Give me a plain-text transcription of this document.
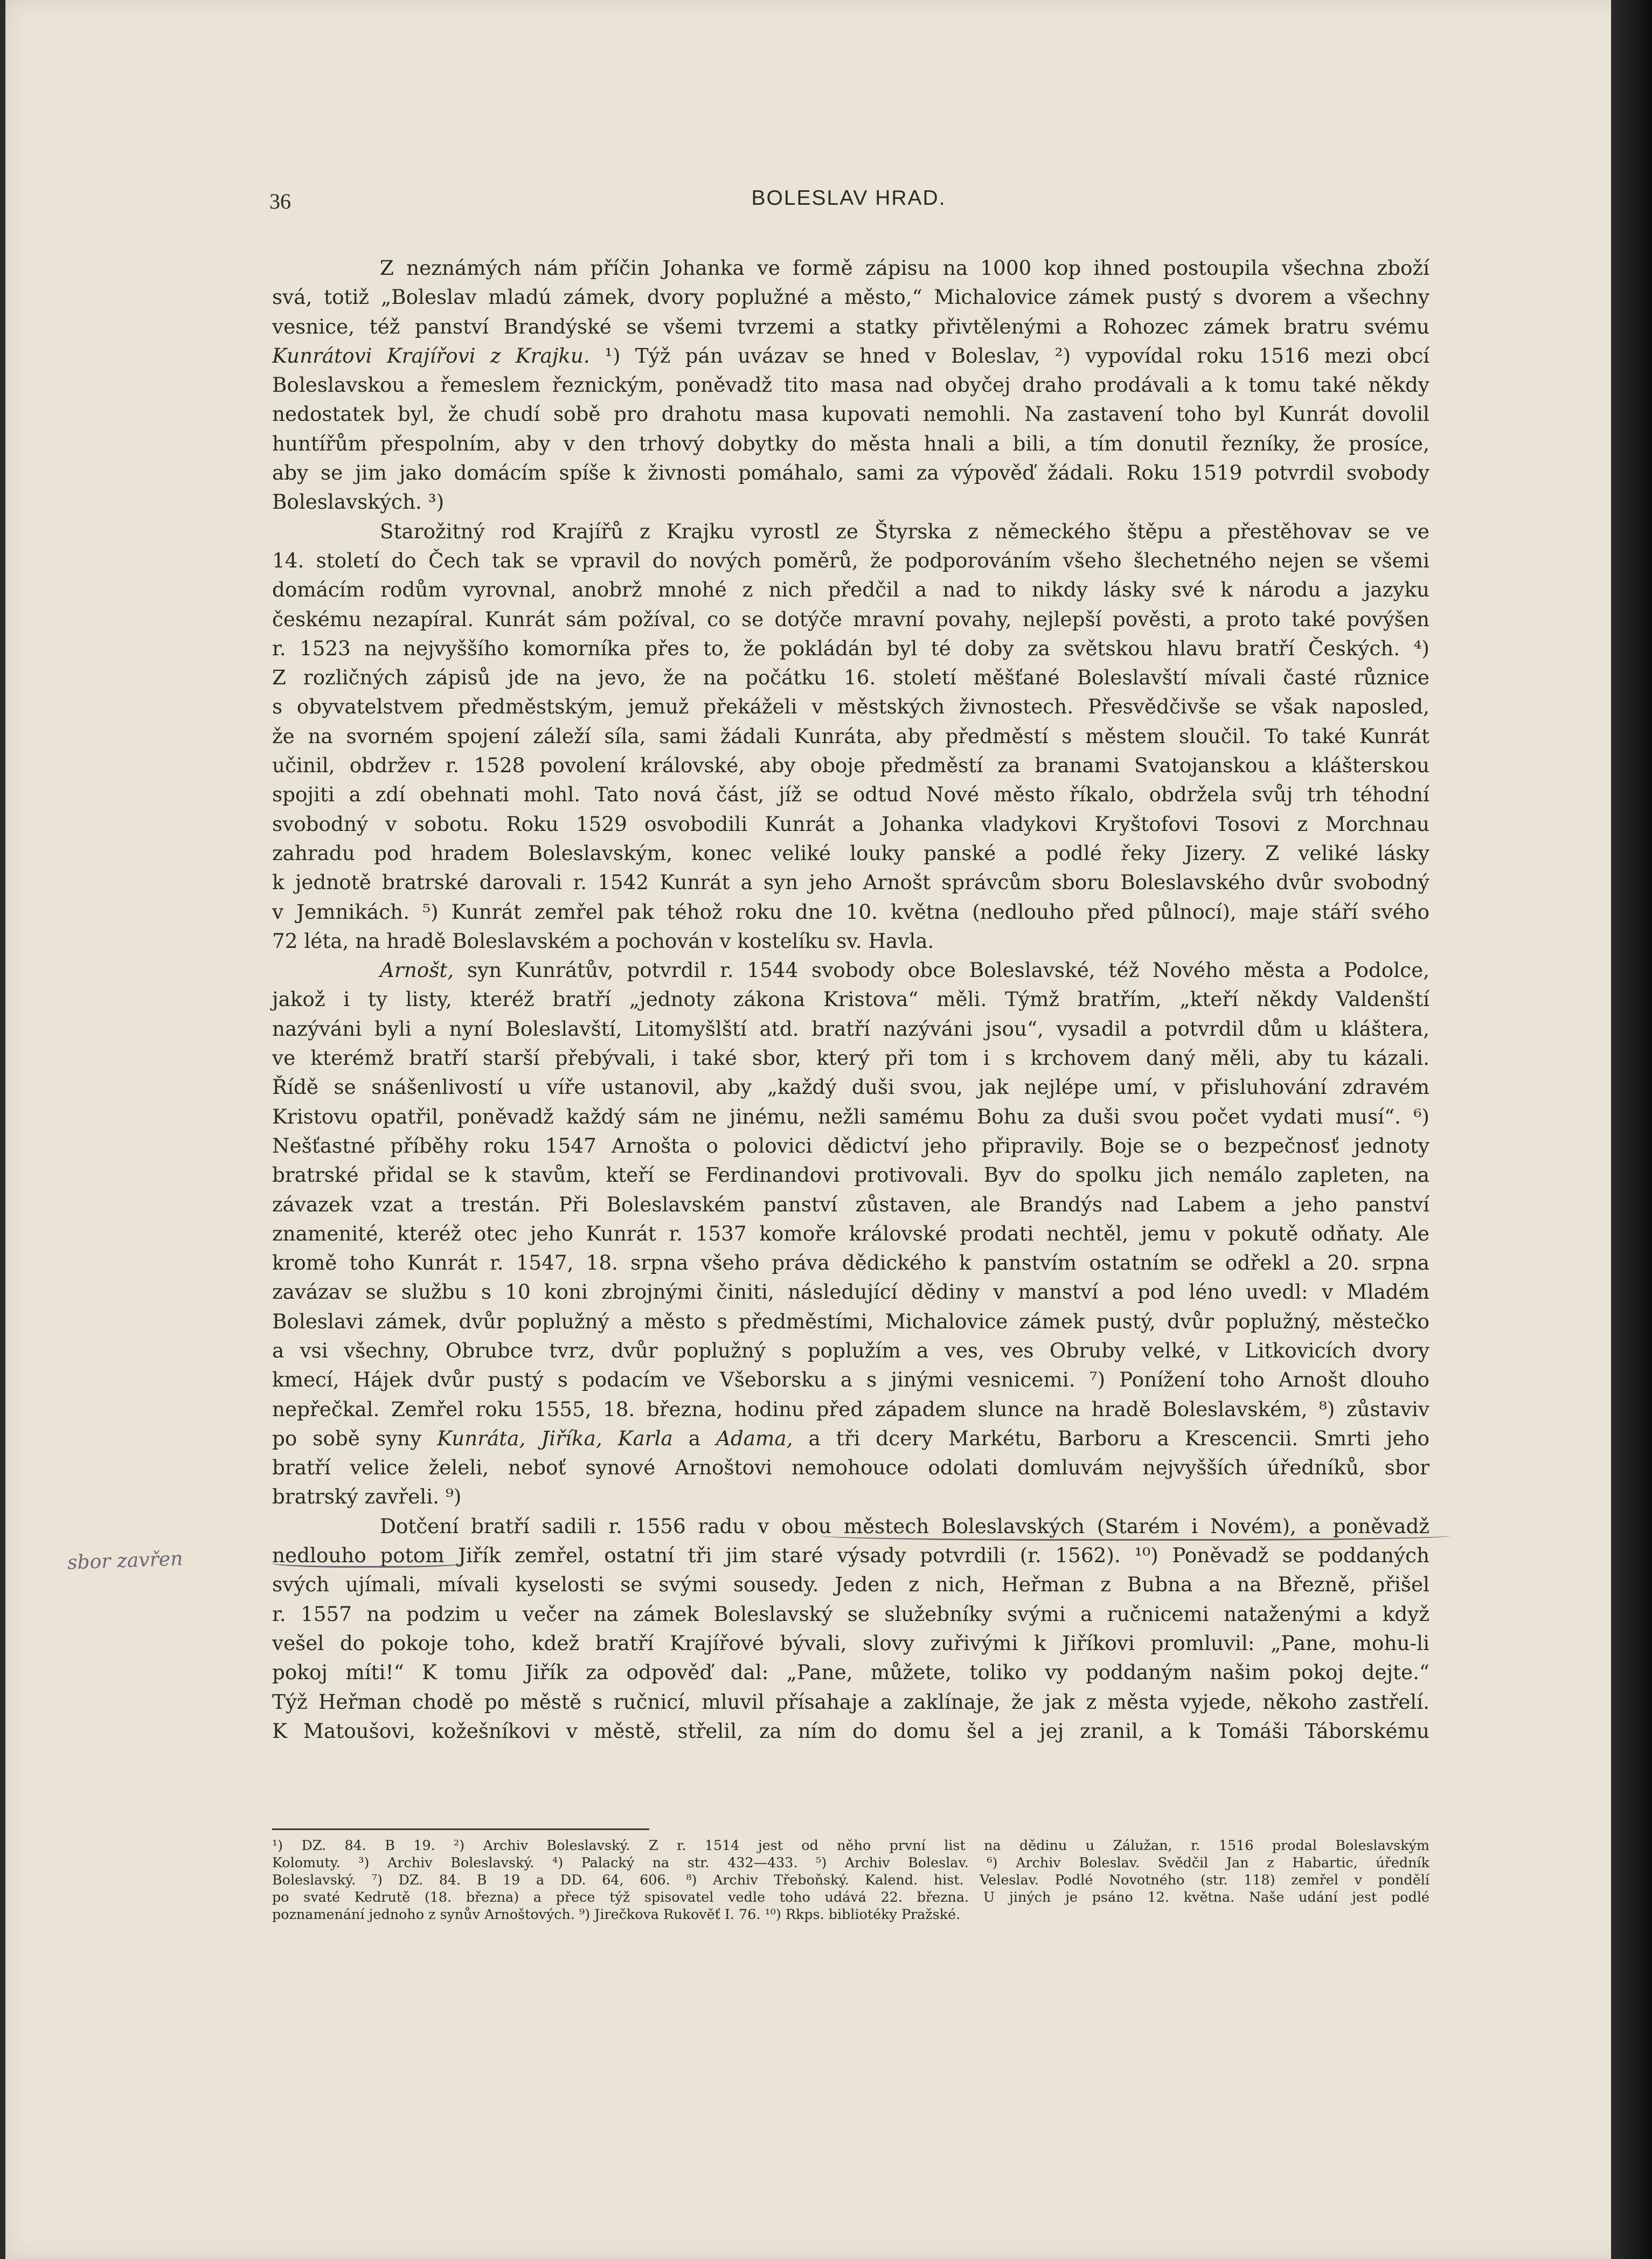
36	BOLESLAV HRAD.

Z neznámých nám příčin Johanka ve formě zápisu na 1000 kop ihned postoupila všechna zboží
svá, totiž „Boleslav mladú zámek, dvory poplužné a město,“ Michalovice zámek pustý s dvorem a všechny
vesnice, též panství Brandýské se všemi tvrzemi a statky přivtělenými a Rohozec zámek bratru svému
Kunrátovi Krajířovi z Krajku. ¹) Týž pán uvázav se hned v Boleslav, ²) vypovídal roku 1516 mezi obcí
Boleslavskou a řemeslem řeznickým, poněvadž tito masa nad obyčej draho prodávali a k tomu také někdy
nedostatek byl, že chudí sobě pro drahotu masa kupovati nemohli. Na zastavení toho byl Kunrát dovolil
huntířům přespolním, aby v den trhový dobytky do města hnali a bili, a tím donutil řezníky, že prosíce,
aby se jim jako domácím spíše k živnosti pomáhalo, sami za výpověď žádali. Roku 1519 potvrdil svobody
Boleslavských. ³)

Starožitný rod Krajířů z Krajku vyrostl ze Štyrska z německého štěpu a přestěhovav se ve
14. století do Čech tak se vpravil do nových poměrů, že podporováním všeho šlechetného nejen se všemi
domácím rodům vyrovnal, anobrž mnohé z nich předčil a nad to nikdy lásky své k národu a jazyku
českému nezapíral. Kunrát sám požíval, co se dotýče mravní povahy, nejlepší pověsti, a proto také povýšen
r. 1523 na nejvyššího komorníka přes to, že pokládán byl té doby za světskou hlavu bratří Českých. ⁴)
Z rozličných zápisů jde na jevo, že na počátku 16. století měšťané Boleslavští mívali časté různice
s obyvatelstvem předměstským, jemuž překáželi v městských živnostech. Přesvědčivše se však naposled,
že na svorném spojení záleží síla, sami žádali Kunráta, aby předměstí s městem sloučil. To také Kunrát
učinil, obdržev r. 1528 povolení královské, aby oboje předměstí za branami Svatojanskou a klášterskou
spojiti a zdí obehnati mohl. Tato nová část, jíž se odtud Nové město říkalo, obdržela svůj trh téhodní
svobodný v sobotu. Roku 1529 osvobodili Kunrát a Johanka vladykovi Kryštofovi Tosovi z Morchnau
zahradu pod hradem Boleslavským, konec veliké louky panské a podlé řeky Jizery. Z veliké lásky
k jednotě bratrské darovali r. 1542 Kunrát a syn jeho Arnošt správcům sboru Boleslavského dvůr svobodný
v Jemnikách. ⁵) Kunrát zemřel pak téhož roku dne 10. května (nedlouho před půlnocí), maje stáří svého
72 léta, na hradě Boleslavském a pochován v kostelíku sv. Havla.

Arnošt, syn Kunrátův, potvrdil r. 1544 svobody obce Boleslavské, též Nového města a Podolce,
jakož i ty listy, kteréž bratří „jednoty zákona Kristova“ měli. Týmž bratřím, „kteří někdy Valdenští
nazýváni byli a nyní Boleslavští, Litomyšlští atd. bratří nazýváni jsou“, vysadil a potvrdil dům u kláštera,
ve kterémž bratří starší přebývali, i také sbor, který při tom i s krchovem daný měli, aby tu kázali.
Řídě se snášenlivostí u víře ustanovil, aby „každý duši svou, jak nejlépe umí, v přisluhování zdravém
Kristovu opatřil, poněvadž každý sám ne jinému, nežli samému Bohu za duši svou počet vydati musí“. ⁶)
Nešťastné příběhy roku 1547 Arnošta o polovici dědictví jeho připravily. Boje se o bezpečnosť jednoty
bratrské přidal se k stavům, kteří se Ferdinandovi protivovali. Byv do spolku jich nemálo zapleten, na
závazek vzat a trestán. Při Boleslavském panství zůstaven, ale Brandýs nad Labem a jeho panství
znamenité, kteréž otec jeho Kunrát r. 1537 komoře královské prodati nechtěl, jemu v pokutě odňaty. Ale
kromě toho Kunrát r. 1547, 18. srpna všeho práva dědického k panstvím ostatním se odřekl a 20. srpna
zavázav se službu s 10 koni zbrojnými činiti, následující dědiny v manství a pod léno uvedl: v Mladém
Boleslavi zámek, dvůr poplužný a město s předměstími, Michalovice zámek pustý, dvůr poplužný, městečko
a vsi všechny, Obrubce tvrz, dvůr poplužný s poplužím a ves, ves Obruby velké, v Litkovicích dvory
kmecí, Hájek dvůr pustý s podacím ve Všeborsku a s jinými vesnicemi. ⁷) Ponížení toho Arnošt dlouho
nepřečkal. Zemřel roku 1555, 18. března, hodinu před západem slunce na hradě Boleslavském, ⁸) zůstaviv
po sobě syny Kunráta, Jiříka, Karla a Adama, a tři dcery Markétu, Barboru a Krescencii. Smrti jeho
bratří velice želeli, neboť synové Arnoštovi nemohouce odolati domluvám nejvyšších úředníků, sbor
bratrský zavřeli. ⁹)

Dotčení bratří sadili r. 1556 radu v obou městech Boleslavských (Starém i Novém), a poněvadž
nedlouho potom Jiřík zemřel, ostatní tři jim staré výsady potvrdili (r. 1562). ¹⁰) Poněvadž se poddaných
svých ujímali, mívali kyselosti se svými sousedy. Jeden z nich, Heřman z Bubna a na Březně, přišel
r. 1557 na podzim u večer na zámek Boleslavský se služebníky svými a ručnicemi nataženými a když
vešel do pokoje toho, kdež bratří Krajířové bývali, slovy zuřivými k Jiříkovi promluvil: „Pane, mohu-li
pokoj míti!“ K tomu Jiřík za odpověď dal: „Pane, můžete, toliko vy poddaným našim pokoj dejte.“
Týž Heřman chodě po městě s ručnicí, mluvil přísahaje a zaklínaje, že jak z města vyjede, někoho zastřelí.
K Matoušovi, kožešníkovi v městě, střelil, za ním do domu šel a jej zranil, a k Tomáši Táborskému

sbor zavřen
¹) DZ. 84. B 19. ²) Archiv Boleslavský. Z r. 1514 jest od něho první list na dědinu u Zálužan, r. 1516 prodal Boleslavským
Kolomuty. ³) Archiv Boleslavský. ⁴) Palacký na str. 432—433. ⁵) Archiv Boleslav. ⁶) Archiv Boleslav. Svědčil Jan z Habartic, úředník
Boleslavský. ⁷) DZ. 84. B 19 a DD. 64, 606. ⁸) Archiv Třeboňský. Kalend. hist. Veleslav. Podlé Novotného (str. 118) zemřel v pondělí
po svaté Kedrutě (18. března) a přece týž spisovatel vedle toho udává 22. března. U jiných je psáno 12. května. Naše udání jest podlé
poznamenání jednoho z synův Arnoštových. ⁹) Jirečkova Rukověť I. 76. ¹⁰) Rkps. bibliotéky Pražské.
